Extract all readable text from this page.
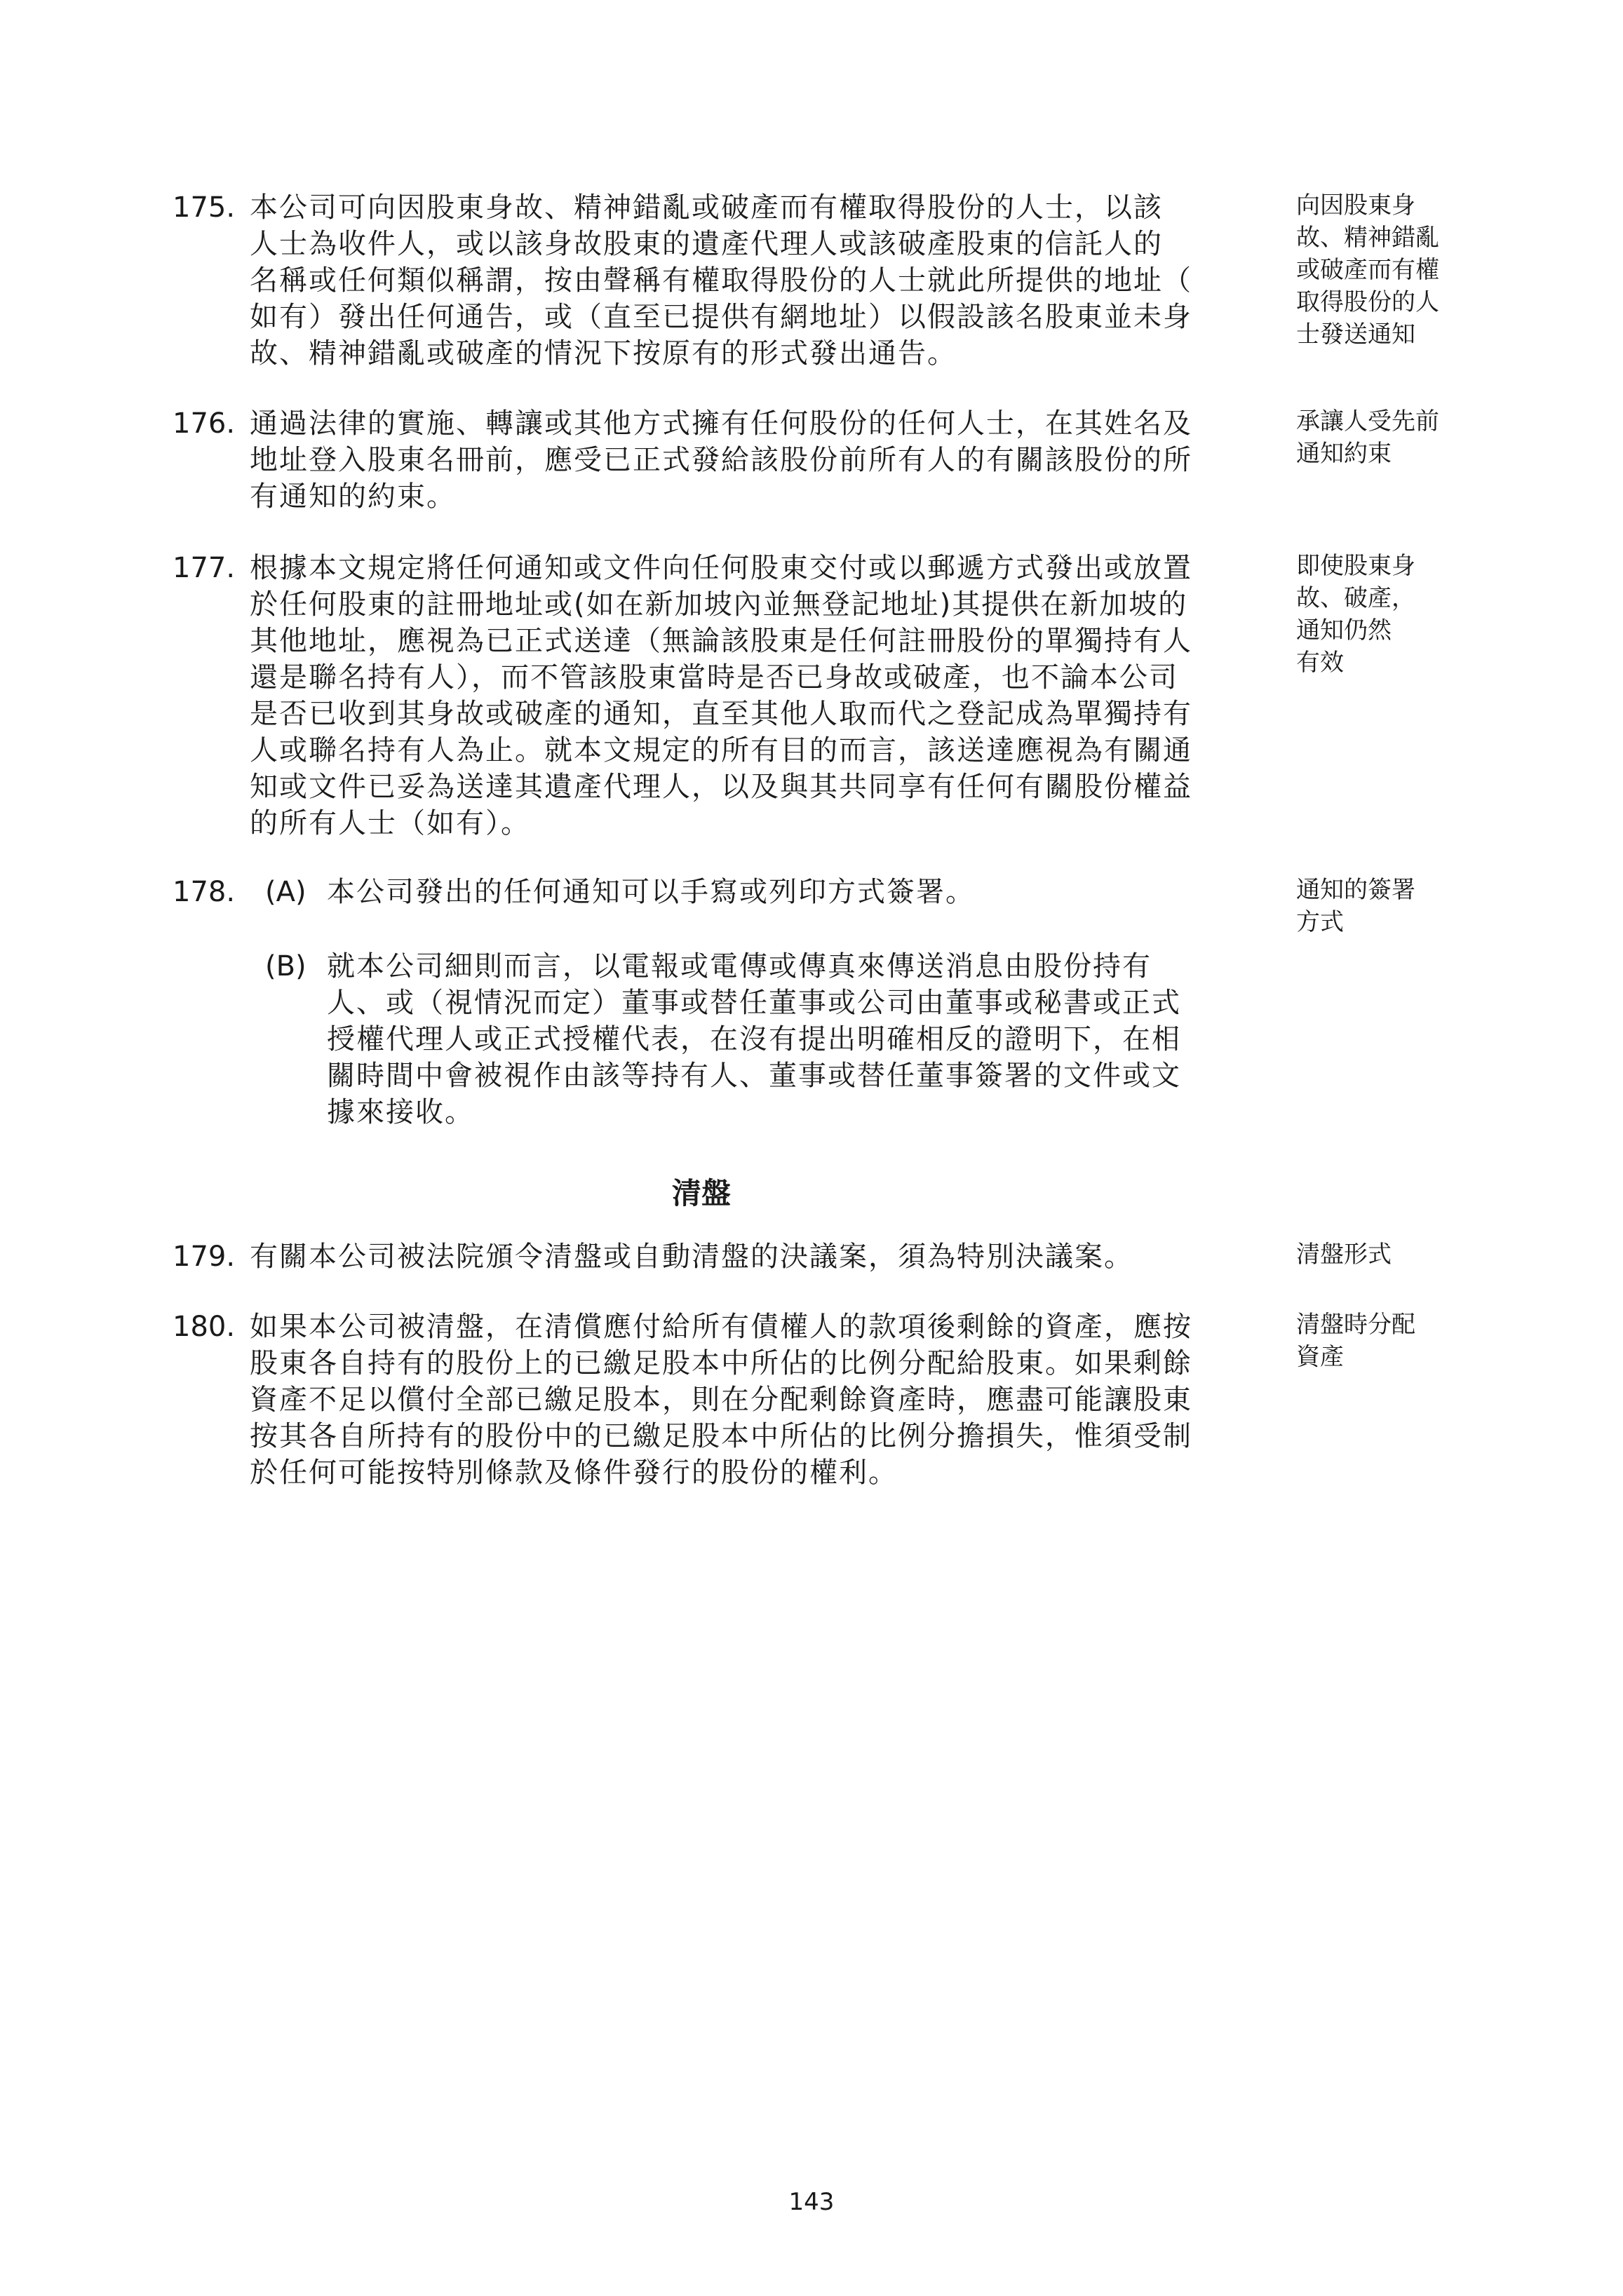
175. 本公司可向因股東身故、精神錯亂或破產而有權取得股份的人士，以該
人士為收件人，或以該身故股東的遺產代理人或該破產股東的信託人的
名稱或任何類似稱謂，按由聲稱有權取得股份的人士就此所提供的地址（
如有）發出任何通告，或（直至已提供有網地址）以假設該名股東並未身
故、精神錯亂或破產的情況下按原有的形式發出通告。
向因股東身
故、精神錯亂
或破產而有權
取得股份的人
士發送通知
176. 通過法律的實施、轉讓或其他方式擁有任何股份的任何人士，在其姓名及
地址登入股東名冊前，應受已正式發給該股份前所有人的有關該股份的所
有通知的約束。
承讓人受先前
通知約束
177. 根據本文規定將任何通知或文件向任何股東交付或以郵遞方式發出或放置
於任何股東的註冊地址或(如在新加坡內並無登記地址)其提供在新加坡的
其他地址，應視為已正式送達（無論該股東是任何註冊股份的單獨持有人
還是聯名持有人），而不管該股東當時是否已身故或破產，也不論本公司
是否已收到其身故或破產的通知，直至其他人取而代之登記成為單獨持有
人或聯名持有人為止。就本文規定的所有目的而言，該送達應視為有關通
知或文件已妥為送達其遺產代理人，以及與其共同享有任何有關股份權益
的所有人士（如有）。
即使股東身
故、破產，
通知仍然
有效
178. (A) 本公司發出的任何通知可以手寫或列印方式簽署。
(B) 就本公司細則而言，以電報或電傳或傳真來傳送消息由股份持有
人、或（視情況而定）董事或替任董事或公司由董事或秘書或正式
授權代理人或正式授權代表，在沒有提出明確相反的證明下，在相
關時間中會被視作由該等持有人、董事或替任董事簽署的文件或文
據來接收。
通知的簽署
方式
清盤
179. 有關本公司被法院頒令清盤或自動清盤的決議案，須為特別決議案。	清盤形式
180. 如果本公司被清盤，在清償應付給所有債權人的款項後剩餘的資產，應按
股東各自持有的股份上的已繳足股本中所佔的比例分配給股東。如果剩餘
資產不足以償付全部已繳足股本，則在分配剩餘資產時，應盡可能讓股東
按其各自所持有的股份中的已繳足股本中所佔的比例分擔損失，惟須受制
於任何可能按特別條款及條件發行的股份的權利。
清盤時分配
資產
143
